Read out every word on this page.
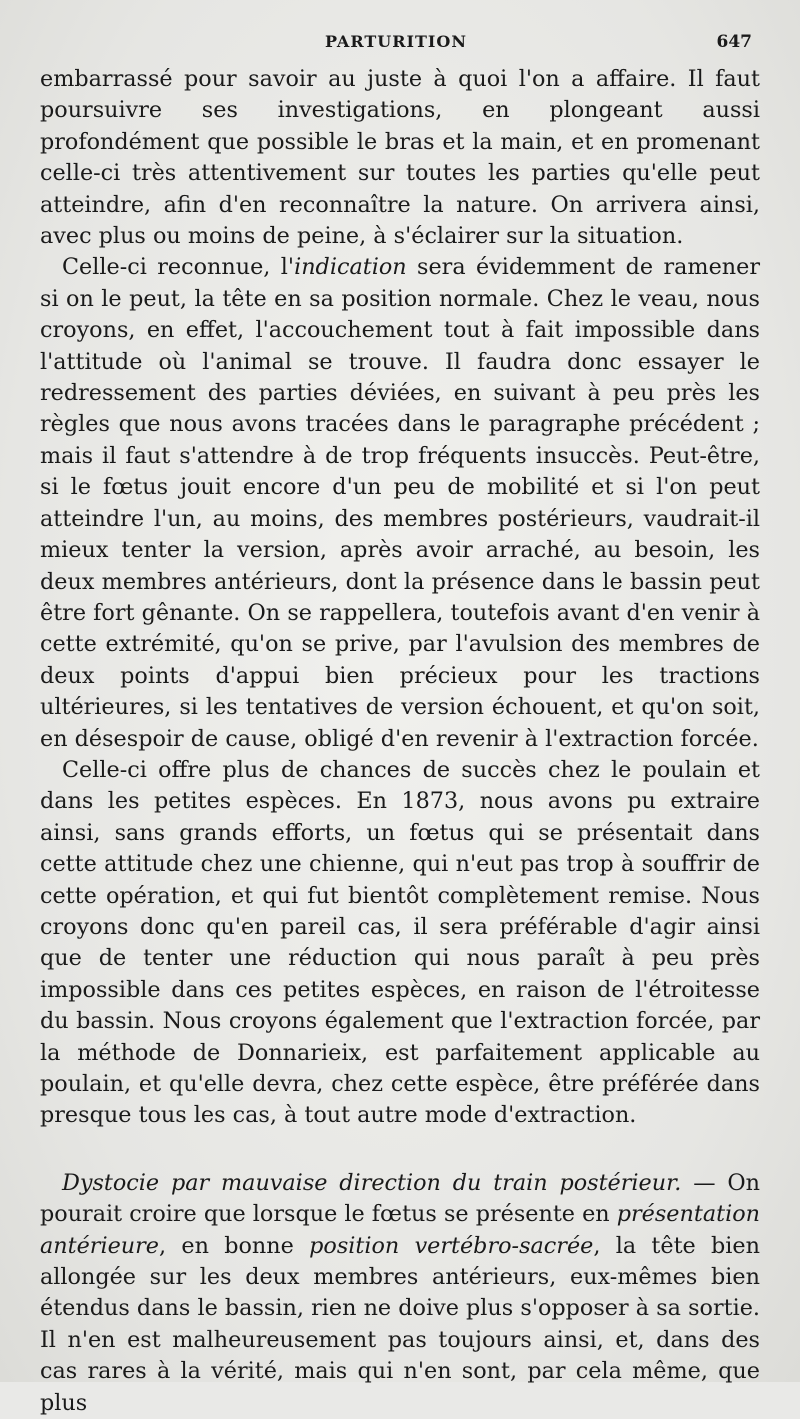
PARTURITION	647

embarrassé pour savoir au juste à quoi l'on a affaire. Il faut poursuivre ses investigations, en plongeant aussi profondément que possible le bras et la main, et en promenant celle-ci très attentivement sur toutes les parties qu'elle peut atteindre, afin d'en reconnaître la nature. On arrivera ainsi, avec plus ou moins de peine, à s'éclairer sur la situation.

Celle-ci reconnue, l'indication sera évidemment de ramener si on le peut, la tête en sa position normale. Chez le veau, nous croyons, en effet, l'accouchement tout à fait impossible dans l'attitude où l'animal se trouve. Il faudra donc essayer le redressement des parties déviées, en suivant à peu près les règles que nous avons tracées dans le paragraphe précédent ; mais il faut s'attendre à de trop fréquents insuccès. Peut-être, si le fœtus jouit encore d'un peu de mobilité et si l'on peut atteindre l'un, au moins, des membres postérieurs, vaudrait-il mieux tenter la version, après avoir arraché, au besoin, les deux membres antérieurs, dont la présence dans le bassin peut être fort gênante. On se rappellera, toutefois avant d'en venir à cette extrémité, qu'on se prive, par l'avulsion des membres de deux points d'appui bien précieux pour les tractions ultérieures, si les tentatives de version échouent, et qu'on soit, en désespoir de cause, obligé d'en revenir à l'extraction forcée.

Celle-ci offre plus de chances de succès chez le poulain et dans les petites espèces. En 1873, nous avons pu extraire ainsi, sans grands efforts, un fœtus qui se présentait dans cette attitude chez une chienne, qui n'eut pas trop à souffrir de cette opération, et qui fut bientôt complètement remise. Nous croyons donc qu'en pareil cas, il sera préférable d'agir ainsi que de tenter une réduction qui nous paraît à peu près impossible dans ces petites espèces, en raison de l'étroitesse du bassin. Nous croyons également que l'extraction forcée, par la méthode de Donnarieix, est parfaitement applicable au poulain, et qu'elle devra, chez cette espèce, être préférée dans presque tous les cas, à tout autre mode d'extraction.

Dystocie par mauvaise direction du train postérieur. — On pourait croire que lorsque le fœtus se présente en présentation antérieure, en bonne position vertébro-sacrée, la tête bien allongée sur les deux membres antérieurs, eux-mêmes bien étendus dans le bassin, rien ne doive plus s'opposer à sa sortie. Il n'en est malheureusement pas toujours ainsi, et, dans des cas rares à la vérité, mais qui n'en sont, par cela même, que plus
